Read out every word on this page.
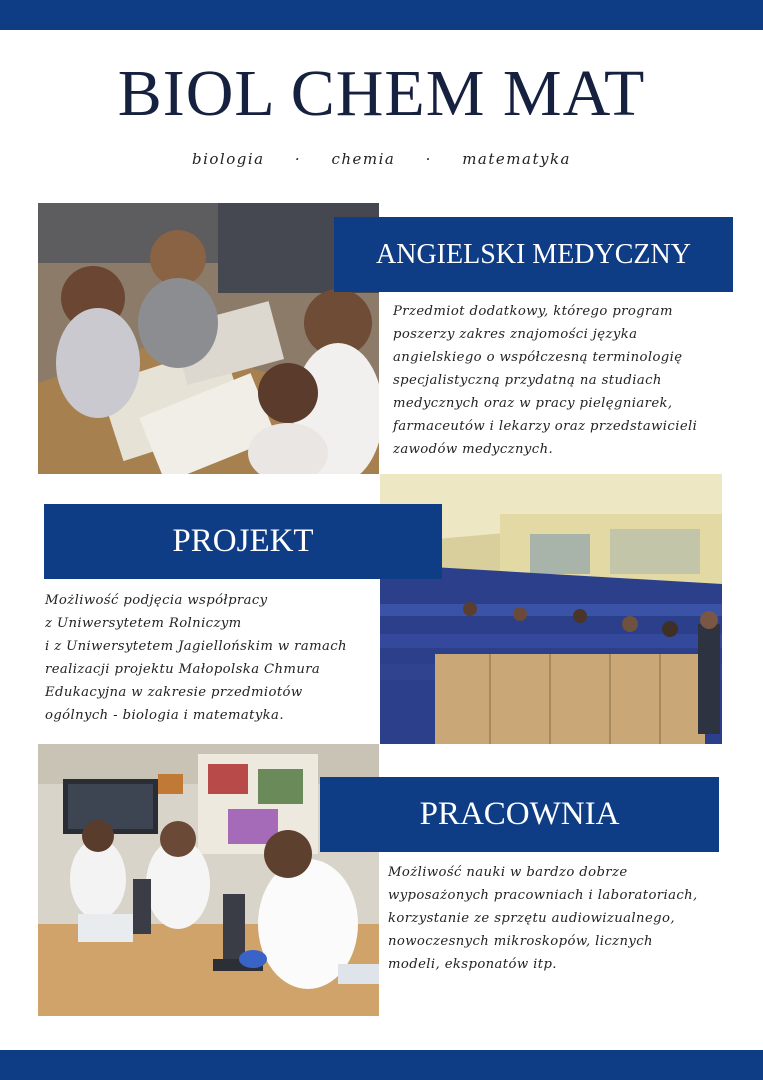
BIOL CHEM MAT
biologia · chemia · matematyka
ANGIELSKI MEDYCZNY
Przedmiot dodatkowy, którego program
poszerzy zakres znajomości języka
angielskiego o współczesną terminologię
specjalistyczną przydatną na studiach
medycznych oraz w pracy pielęgniarek,
farmaceutów i lekarzy oraz przedstawicieli
zawodów medycznych.
PROJEKT
Możliwość podjęcia współpracy
z Uniwersytetem Rolniczym
i z Uniwersytetem Jagiellońskim w ramach
realizacji projektu Małopolska Chmura
Edukacyjna w zakresie przedmiotów
ogólnych - biologia i matematyka.
PRACOWNIA
Możliwość nauki w bardzo dobrze
wyposażonych pracowniach i laboratoriach,
korzystanie ze sprzętu audiowizualnego,
nowoczesnych mikroskopów, licznych
modeli, eksponatów itp.
